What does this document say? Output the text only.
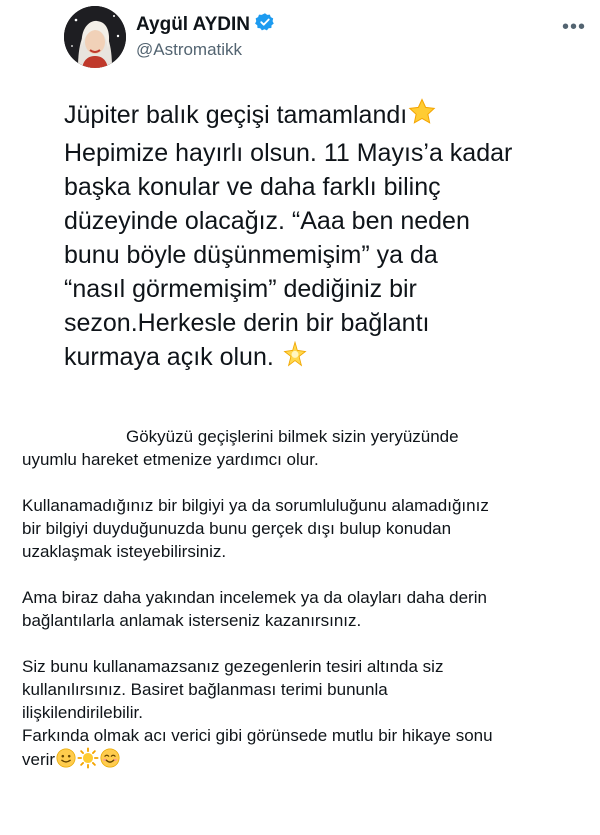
Aygül AYDIN
@Astromatikk
•••
Jüpiter balık geçişi tamamlandı
Hepimize hayırlı olsun. 11 Mayıs’a kadar
başka konular ve daha farklı bilinç
düzeyinde olacağız. “Aaa ben neden
bunu böyle düşünmemişim” ya da
“nasıl görmemişim” dediğiniz bir
sezon.Herkesle derin bir bağlantı
kurmaya açık olun.

Gökyüzü geçişlerini bilmek sizin yeryüzünde
uyumlu hareket etmenize yardımcı olur.

Kullanamadığınız bir bilgiyi ya da sorumluluğunu alamadığınız
bir bilgiyi duyduğunuzda bunu gerçek dışı bulup konudan
uzaklaşmak isteyebilirsiniz.

Ama biraz daha yakından incelemek ya da olayları daha derin
bağlantılarla anlamak isterseniz kazanırsınız.

Siz bunu kullanamazsanız gezegenlerin tesiri altında siz
kullanılırsınız. Basiret bağlanması terimi bununla
ilişkilendirilebilir.

Farkında olmak acı verici gibi görünsede mutlu bir hikaye sonu
verir
